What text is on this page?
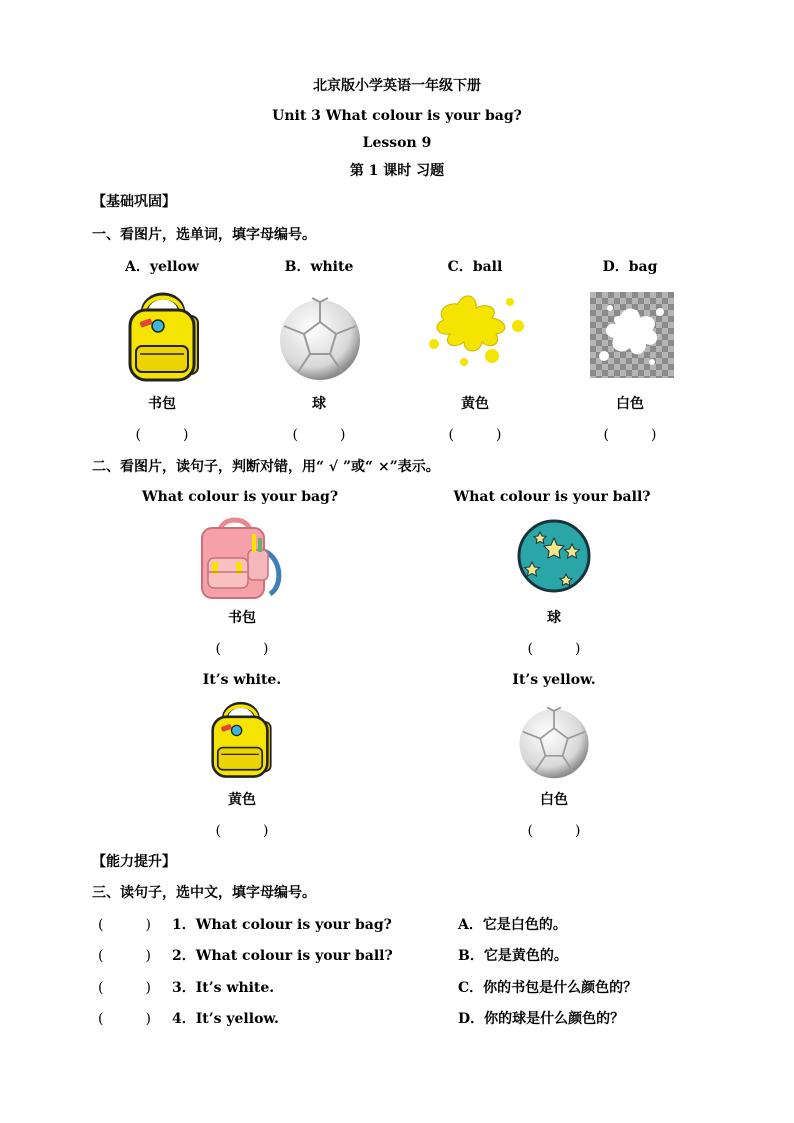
北京版小学英语一年级下册
Unit 3 What colour is your bag?
Lesson 9
第 1 课时 习题
【基础巩固】
一、看图片，选单词，填字母编号。
A．yellow	B．white	C．ball	D．bag
书包	球	黄色	白色
(　　　)	(　　　)	(　　　)	(　　　)
二、看图片，读句子，判断对错，用“ √ ”或“ ×”表示。
What colour is your bag?	What colour is your ball?
书包	球
(　　　)	(　　　)
It’s white.	It’s yellow.
黄色	白色
(　　　)	(　　　)
【能力提升】
三、读句子，选中文，填字母编号。
(　　　) 1．What colour is your bag?	A．它是白色的。
(　　　) 2．What colour is your ball?	B．它是黄色的。
(　　　) 3．It’s white.	C．你的书包是什么颜色的？
(　　　) 4．It’s yellow.	D．你的球是什么颜色的？
